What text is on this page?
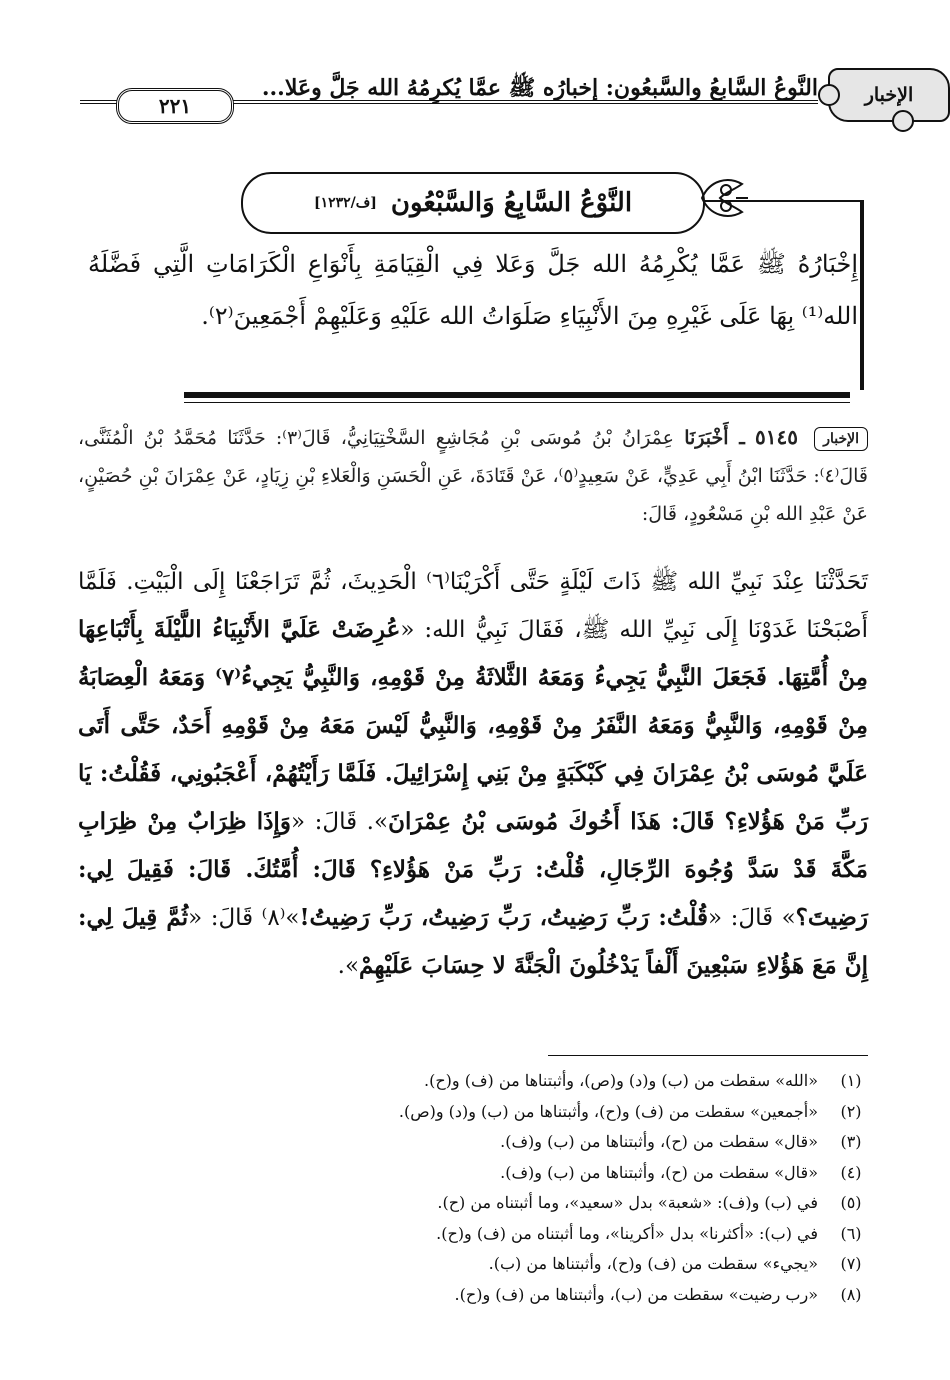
الإخبار
النَّوعُ السَّابعُ والسَّبعُون: إخبارُه ﷺ عمَّا يُكرِمُهُ الله جَلَّ وعَلا...
٢٢١
النَّوْعُ السَّابِعُ وَالسَّبْعُون
[ف/١٢٣٢]
إِخْبَارُهُ ﷺ عَمَّا يُكْرِمُهُ الله جَلَّ وَعَلا فِي الْقِيَامَةِ بِأَنْوَاعِ الْكَرَامَاتِ الَّتِي فَضَّلَهُ الله⁽¹⁾ بِهَا عَلَى غَيْرِهِ مِنَ الأَنْبِيَاءِ صَلَوَاتُ الله عَلَيْهِ وَعَلَيْهِمْ أَجْمَعِينَ⁽٢⁾.
الإخبار ٥١٤٥ ـ أَخْبَرَنَا عِمْرَانُ بْنُ مُوسَى بْنِ مُجَاشِعٍ السَّخْتِيَانِيُّ، قَالَ⁽٣⁾: حَدَّثَنَا مُحَمَّدُ بْنُ الْمُثَنَّى، قَالَ⁽٤⁾: حَدَّثَنَا ابْنُ أَبِي عَدِيٍّ، عَنْ سَعِيدٍ⁽٥⁾، عَنْ قَتَادَةَ، عَنِ الْحَسَنِ وَالْعَلاءِ بْنِ زِيَادٍ، عَنْ عِمْرَانَ بْنِ حُصَيْنٍ، عَنْ عَبْدِ الله بْنِ مَسْعُودٍ، قَالَ:
تَحَدَّثْنَا عِنْدَ نَبِيِّ الله ﷺ ذَاتَ لَيْلَةٍ حَتَّى أَكْرَيْنَا⁽٦⁾ الْحَدِيثَ، ثُمَّ تَرَاجَعْنَا إِلَى الْبَيْتِ. فَلَمَّا أَصْبَحْنَا غَدَوْنَا إِلَى نَبِيِّ الله ﷺ، فَقَالَ نَبِيُّ الله: «عُرِضَتْ عَلَيَّ الأَنْبِيَاءُ اللَّيْلَةَ بِأَتْبَاعِهَا مِنْ أُمَّتِهَا. فَجَعَلَ النَّبِيُّ يَجِيءُ وَمَعَهُ الثَّلاثَةُ مِنْ قَوْمِهِ، وَالنَّبِيُّ يَجِيءُ⁽٧⁾ وَمَعَهُ الْعِصَابَةُ مِنْ قَوْمِهِ، وَالنَّبِيُّ وَمَعَهُ النَّفَرُ مِنْ قَوْمِهِ، وَالنَّبِيُّ لَيْسَ مَعَهُ مِنْ قَوْمِهِ أَحَدٌ، حَتَّى أَتَى عَلَيَّ مُوسَى بْنُ عِمْرَانَ فِي كَبْكَبَةٍ مِنْ بَنِي إِسْرَائِيلَ. فَلَمَّا رَأَيْتُهُمْ، أَعْجَبُونِي، فَقُلْتُ: يَا رَبِّ مَنْ هَؤُلاءِ؟ قَالَ: هَذَا أَخُوكَ مُوسَى بْنُ عِمْرَانَ». قَالَ: «وَإِذَا ظِرَابٌ مِنْ ظِرَابِ مَكَّةَ قَدْ سَدَّ وُجُوهَ الرِّجَالِ، قُلْتُ: رَبِّ مَنْ هَؤُلاءِ؟ قَالَ: أُمَّتُكَ. قَالَ: فَقِيلَ لِي: رَضِيتَ؟» قَالَ: «قُلْتُ: رَبِّ رَضِيتُ، رَبِّ رَضِيتُ، رَبِّ رَضِيتُ!»⁽٨⁾ قَالَ: «ثُمَّ قِيلَ لِي: إِنَّ مَعَ هَؤُلاءِ سَبْعِينَ أَلْفاً يَدْخُلُونَ الْجَنَّةَ لا حِسَابَ عَلَيْهِمْ».
(١)
«الله» سقطت من (ب) و(د) و(ص)، وأثبتناها من (ف) و(ح).
(٢)
«أجمعين» سقطت من (ف) و(ح)، وأثبتناها من (ب) و(د) و(ص).
(٣)
«قال» سقطت من (ح)، وأثبتناها من (ب) و(ف).
(٤)
«قال» سقطت من (ح)، وأثبتناها من (ب) و(ف).
(٥)
في (ب) و(ف): «شعبة» بدل «سعيد»، وما أثبتناه من (ح).
(٦)
في (ب): «أكثرنا» بدل «أكرينا»، وما أثبتناه من (ف) و(ح).
(٧)
«يجيء» سقطت من (ف) و(ح)، وأثبتناها من (ب).
(٨)
«رب رضيت» سقطت من (ب)، وأثبتناها من (ف) و(ح).
